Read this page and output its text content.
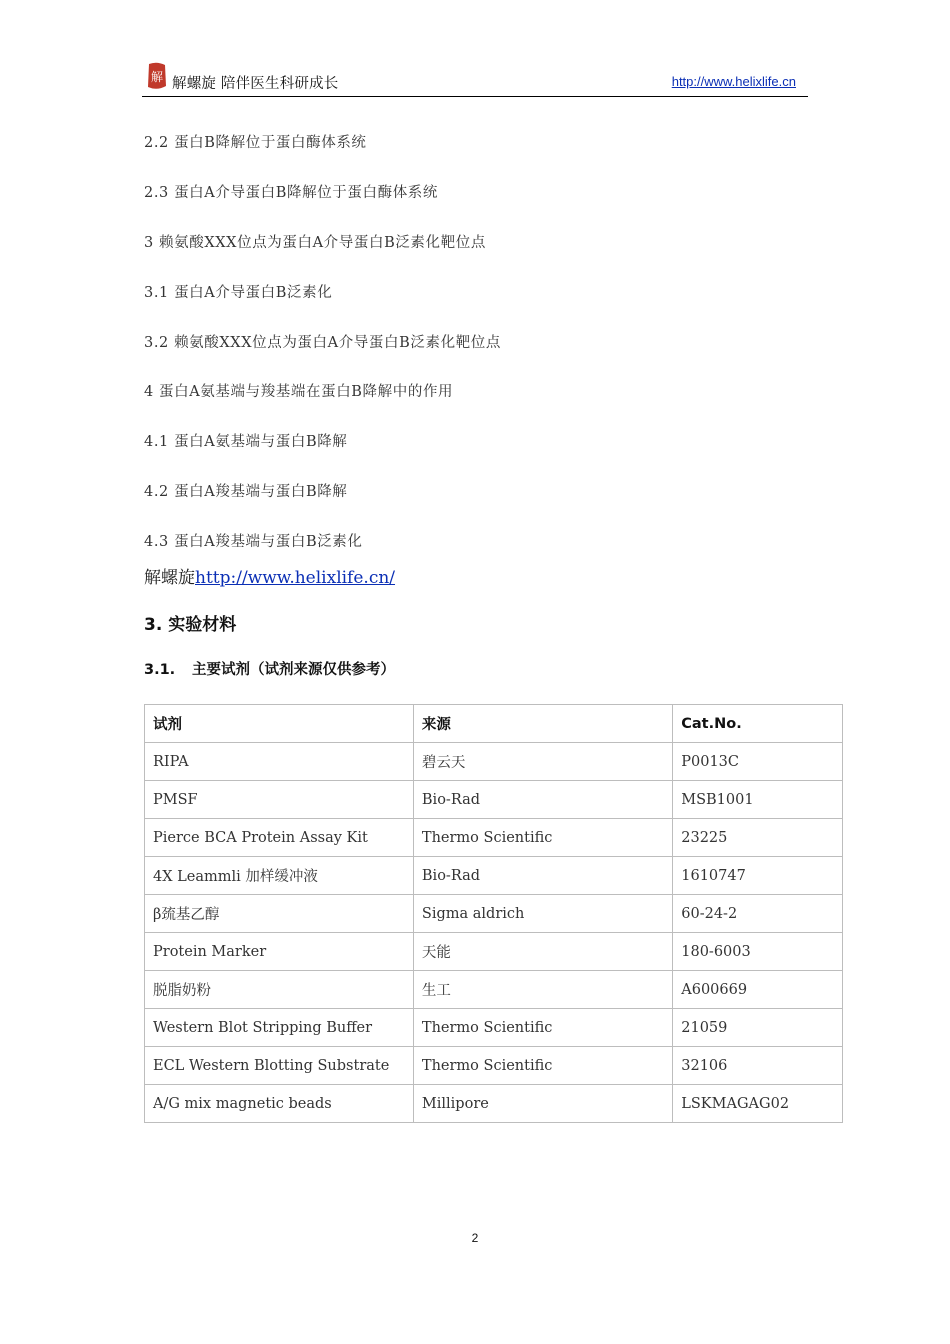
解 解螺旋 陪伴医生科研成长	http://www.helixlife.cn
2.2 蛋白B降解位于蛋白酶体系统
2.3 蛋白A介导蛋白B降解位于蛋白酶体系统
3 赖氨酸XXX位点为蛋白A介导蛋白B泛素化靶位点
3.1 蛋白A介导蛋白B泛素化
3.2 赖氨酸XXX位点为蛋白A介导蛋白B泛素化靶位点
4 蛋白A氨基端与羧基端在蛋白B降解中的作用
4.1 蛋白A氨基端与蛋白B降解
4.2 蛋白A羧基端与蛋白B降解
4.3 蛋白A羧基端与蛋白B泛素化
解螺旋http://www.helixlife.cn/
3. 实验材料
3.1. 主要试剂（试剂来源仅供参考）
试剂	来源	Cat.No.
RIPA	碧云天	P0013C
PMSF	Bio-Rad	MSB1001
Pierce BCA Protein Assay Kit	Thermo Scientific	23225
4X Leammli 加样缓冲液	Bio-Rad	1610747
β巯基乙醇	Sigma aldrich	60-24-2
Protein Marker	天能	180-6003
脱脂奶粉	生工	A600669
Western Blot Stripping Buffer	Thermo Scientific	21059
ECL Western Blotting Substrate	Thermo Scientific	32106
A/G mix magnetic beads	Millipore	LSKMAGAG02
2
